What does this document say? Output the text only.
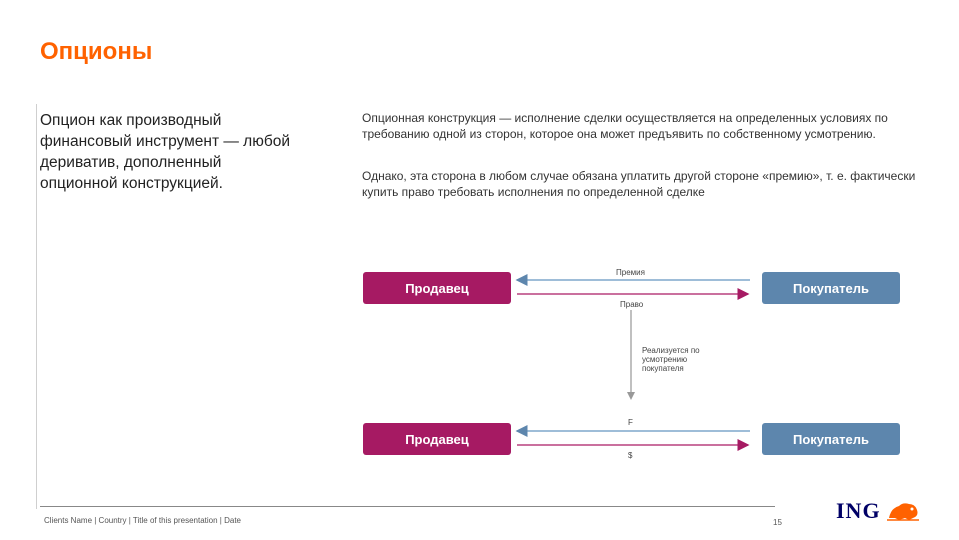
Опционы
Опцион как производный финансовый инструмент — любой дериватив, дополненный опционной конструкцией.
Опционная конструкция — исполнение сделки осуществляется на определенных условиях по требованию одной из сторон, которое она может предъявить по собственному усмотрению.
Однако, эта сторона в любом случае обязана уплатить другой стороне «премию», т. е. фактически купить право требовать исполнения по определенной сделке
Продавец	Покупатель
Премия
Право
Реализуется по усмотрению покупателя
Продавец	Покупатель
F
$
Clients Name | Country | Title of this presentation | Date	15 ING
